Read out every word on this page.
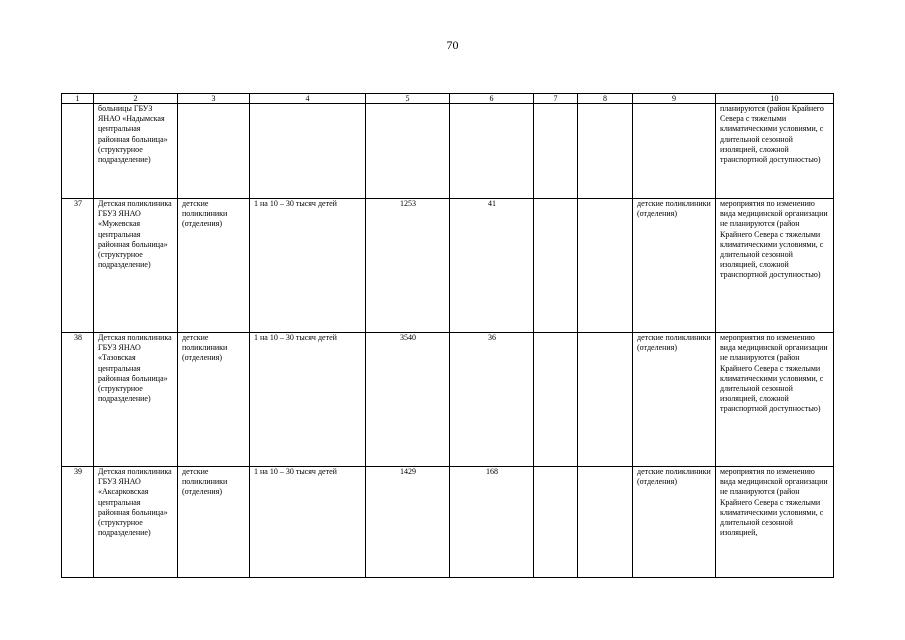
70
1	2	3	4	5	6	7	8	9	10
	больницы ГБУЗ ЯНАО «Надымская центральная районная больница» (структурное подразделение)								планируются (район Крайнего Севера с тяжелыми климатическими условиями, с длительной сезонной изоляцией, сложной транспортной доступностью)
37	Детская поликлиника ГБУЗ ЯНАО «Мужевская центральная районная больница» (структурное подразделение)	детские поликлиники (отделения)	1 на 10 – 30 тысяч детей	1253	41			детские поликлиники (отделения)	мероприятия по изменению вида медицинской организации не планируются (район Крайнего Севера с тяжелыми климатическими условиями, с длительной сезонной изоляцией, сложной транспортной доступностью)
38	Детская поликлиника ГБУЗ ЯНАО «Тазовская центральная районная больница» (структурное подразделение)	детские поликлиники (отделения)	1 на 10 – 30 тысяч детей	3540	36			детские поликлиники (отделения)	мероприятия по изменению вида медицинской организации не планируются (район Крайнего Севера с тяжелыми климатическими условиями, с длительной сезонной изоляцией, сложной транспортной доступностью)
39	Детская поликлиника ГБУЗ ЯНАО «Аксарковская центральная районная больница» (структурное подразделение)	детские поликлиники (отделения)	1 на 10 – 30 тысяч детей	1429	168			детские поликлиники (отделения)	мероприятия по изменению вида медицинской организации не планируются (район Крайнего Севера с тяжелыми климатическими условиями, с длительной сезонной изоляцией,
